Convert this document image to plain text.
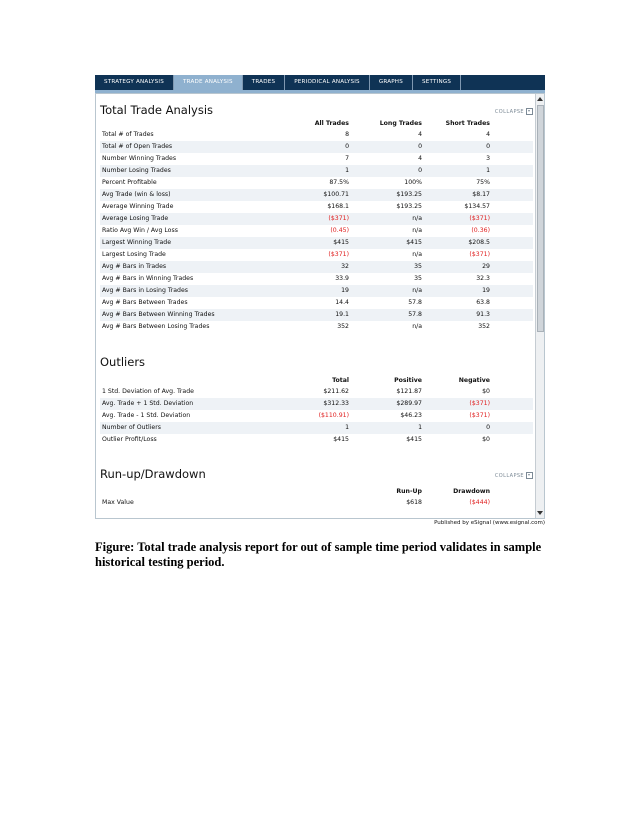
STRATEGY ANALYSIS	TRADE ANALYSIS	TRADES	PERIODICAL ANALYSIS	GRAPHS	SETTINGS
Total Trade Analysis	COLLAPSE
All Trades	Long Trades	Short Trades
Total # of Trades	8	4	4
Total # of Open Trades	0	0	0
Number Winning Trades	7	4	3
Number Losing Trades	1	0	1
Percent Profitable	87.5%	100%	75%
Avg Trade (win & loss)	$100.71	$193.25	$8.17
Average Winning Trade	$168.1	$193.25	$134.57
Average Losing Trade	($371)	n/a	($371)
Ratio Avg Win / Avg Loss	(0.45)	n/a	(0.36)
Largest Winning Trade	$415	$415	$208.5
Largest Losing Trade	($371)	n/a	($371)
Avg # Bars in Trades	32	35	29
Avg # Bars in Winning Trades	33.9	35	32.3
Avg # Bars in Losing Trades	19	n/a	19
Avg # Bars Between Trades	14.4	57.8	63.8
Avg # Bars Between Winning Trades	19.1	57.8	91.3
Avg # Bars Between Losing Trades	352	n/a	352
Outliers
Total	Positive	Negative
1 Std. Deviation of Avg. Trade	$211.62	$121.87	$0
Avg. Trade + 1 Std. Deviation	$312.33	$289.97	($371)
Avg. Trade - 1 Std. Deviation	($110.91)	$46.23	($371)
Number of Outliers	1	1	0
Outlier Profit/Loss	$415	$415	$0
Run-up/Drawdown	COLLAPSE
Run-Up	Drawdown
Max Value	$618	($444)
Published by eSignal (www.esignal.com)
Figure: Total trade analysis report for out of sample time period validates in sample historical testing period.
